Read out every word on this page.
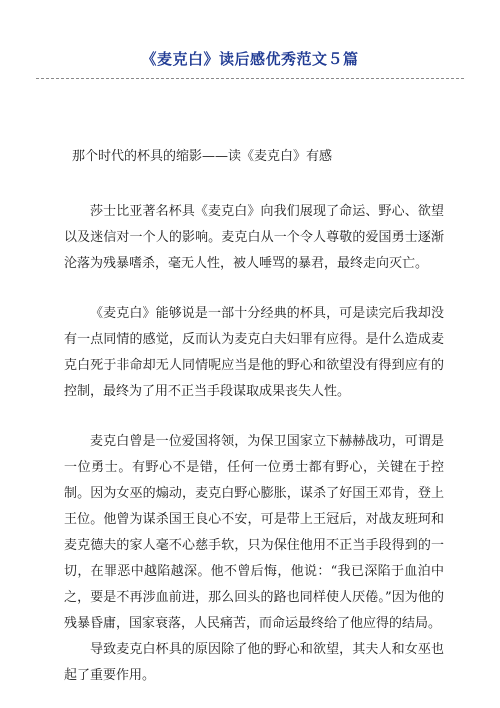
《麦克白》读后感优秀范文５篇
那个时代的杯具的缩影——读《麦克白》有感

莎士比亚著名杯具《麦克白》向我们展现了命运、野心、欲望以及迷信对一个人的影响。麦克白从一个令人尊敬的爱国勇士逐渐沦落为残暴嗜杀，毫无人性，被人唾骂的暴君，最终走向灭亡。

《麦克白》能够说是一部十分经典的杯具，可是读完后我却没有一点同情的感觉，反而认为麦克白夫妇罪有应得。是什么造成麦克白死于非命却无人同情呢应当是他的野心和欲望没有得到应有的控制，最终为了用不正当手段谋取成果丧失人性。

麦克白曾是一位爱国将领，为保卫国家立下赫赫战功，可谓是一位勇士。有野心不是错，任何一位勇士都有野心，关键在于控制。因为女巫的煽动，麦克白野心膨胀，谋杀了好国王邓肯，登上王位。他曾为谋杀国王良心不安，可是带上王冠后，对战友班珂和麦克德夫的家人毫不心慈手软，只为保住他用不正当手段得到的一切，在罪恶中越陷越深。他不曾后悔，他说：“我已深陷于血泊中之，要是不再涉血前进，那么回头的路也同样使人厌倦。”因为他的残暴昏庸，国家衰落，人民痛苦，而命运最终给了他应得的结局。

导致麦克白杯具的原因除了他的野心和欲望，其夫人和女巫也起了重要作用。
